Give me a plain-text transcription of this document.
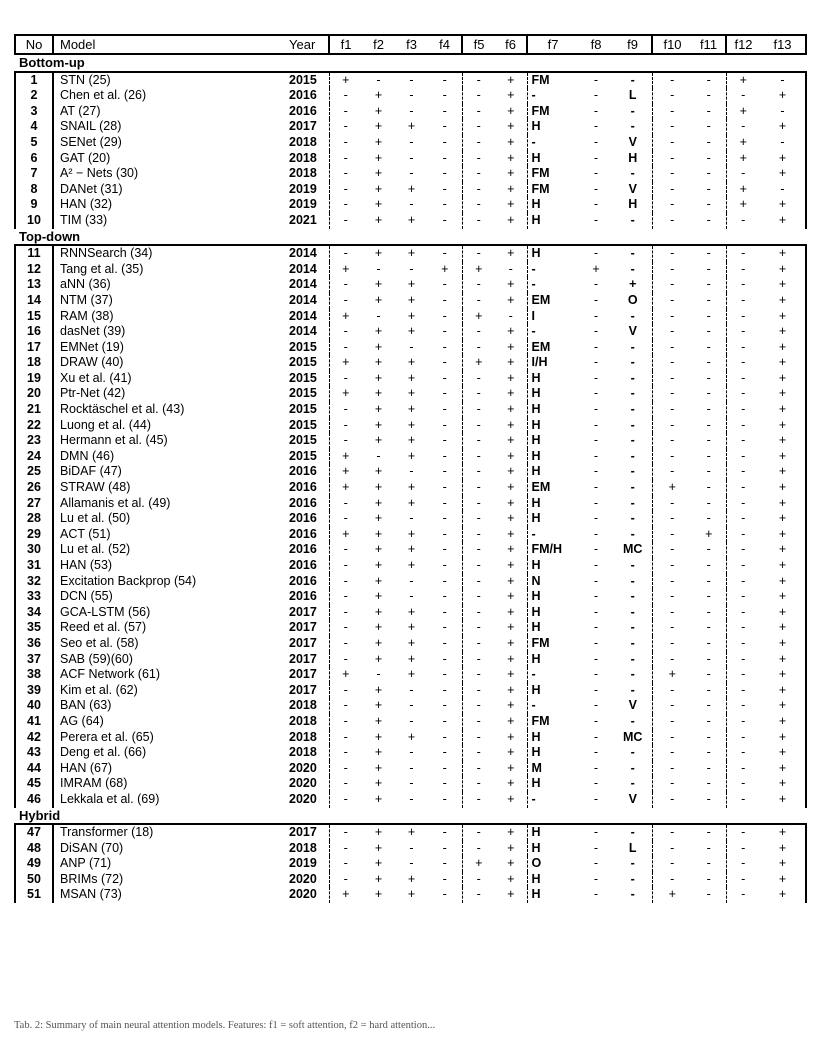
No	Model	Year	f1	f2	f3	f4	f5	f6	f7	f8	f9	f10	f11	f12	f13
Bottom-up															
1	STN (25)	2015	+	-	-	-	-	+	FM	-	-	-	-	+	-
2	Chen et al. (26)	2016	-	+	-	-	-	+	-	-	L	-	-	-	+
3	AT (27)	2016	-	+	-	-	-	+	FM	-	-	-	-	+	-
4	SNAIL (28)	2017	-	+	+	-	-	+	H	-	-	-	-	-	+
5	SENet (29)	2018	-	+	-	-	-	+	-	-	V	-	-	+	-
6	GAT (20)	2018	-	+	-	-	-	+	H	-	H	-	-	+	+
7	A² − Nets (30)	2018	-	+	-	-	-	+	FM	-	-	-	-	-	+
8	DANet (31)	2019	-	+	+	-	-	+	FM	-	V	-	-	+	-
9	HAN (32)	2019	-	+	-	-	-	+	H	-	H	-	-	+	+
10	TIM (33)	2021	-	+	+	-	-	+	H	-	-	-	-	-	+
Top-down															
11	RNNSearch (34)	2014	-	+	+	-	-	+	H	-	-	-	-	-	+
12	Tang et al. (35)	2014	+	-	-	+	+	-	-	+	-	-	-	-	+
13	aNN (36)	2014	-	+	+	-	-	+	-	-	+	-	-	-	+
14	NTM (37)	2014	-	+	+	-	-	+	EM	-	O	-	-	-	+
15	RAM (38)	2014	+	-	+	-	+	-	I	-	-	-	-	-	+
16	dasNet (39)	2014	-	+	+	-	-	+	-	-	V	-	-	-	+
17	EMNet (19)	2015	-	+	-	-	-	+	EM	-	-	-	-	-	+
18	DRAW (40)	2015	+	+	+	-	+	+	I/H	-	-	-	-	-	+
19	Xu et al. (41)	2015	-	+	+	-	-	+	H	-	-	-	-	-	+
20	Ptr-Net (42)	2015	+	+	+	-	-	+	H	-	-	-	-	-	+
21	Rocktäschel et al. (43)	2015	-	+	+	-	-	+	H	-	-	-	-	-	+
22	Luong et al. (44)	2015	-	+	+	-	-	+	H	-	-	-	-	-	+
23	Hermann et al. (45)	2015	-	+	+	-	-	+	H	-	-	-	-	-	+
24	DMN (46)	2015	+	-	+	-	-	+	H	-	-	-	-	-	+
25	BiDAF (47)	2016	+	+	-	-	-	+	H	-	-	-	-	-	+
26	STRAW (48)	2016	+	+	+	-	-	+	EM	-	-	+	-	-	+
27	Allamanis et al. (49)	2016	-	+	+	-	-	+	H	-	-	-	-	-	+
28	Lu et al. (50)	2016	-	+	-	-	-	+	H	-	-	-	-	-	+
29	ACT (51)	2016	+	+	+	-	-	+	-	-	-	-	+	-	+
30	Lu et al. (52)	2016	-	+	+	-	-	+	FM/H	-	MC	-	-	-	+
31	HAN (53)	2016	-	+	+	-	-	+	H	-	-	-	-	-	+
32	Excitation Backprop (54)	2016	-	+	-	-	-	+	N	-	-	-	-	-	+
33	DCN (55)	2016	-	+	-	-	-	+	H	-	-	-	-	-	+
34	GCA-LSTM (56)	2017	-	+	+	-	-	+	H	-	-	-	-	-	+
35	Reed et al. (57)	2017	-	+	+	-	-	+	H	-	-	-	-	-	+
36	Seo et al. (58)	2017	-	+	+	-	-	+	FM	-	-	-	-	-	+
37	SAB (59)(60)	2017	-	+	+	-	-	+	H	-	-	-	-	-	+
38	ACF Network (61)	2017	+	-	+	-	-	+	-	-	-	+	-	-	+
39	Kim et al. (62)	2017	-	+	-	-	-	+	H	-	-	-	-	-	+
40	BAN (63)	2018	-	+	-	-	-	+	-	-	V	-	-	-	+
41	AG (64)	2018	-	+	-	-	-	+	FM	-	-	-	-	-	+
42	Perera et al. (65)	2018	-	+	+	-	-	+	H	-	MC	-	-	-	+
43	Deng et al. (66)	2018	-	+	-	-	-	+	H	-	-	-	-	-	+
44	HAN (67)	2020	-	+	-	-	-	+	M	-	-	-	-	-	+
45	IMRAM (68)	2020	-	+	-	-	-	+	H	-	-	-	-	-	+
46	Lekkala et al. (69)	2020	-	+	-	-	-	+	-	-	V	-	-	-	+
Hybrid															
47	Transformer (18)	2017	-	+	+	-	-	+	H	-	-	-	-	-	+
48	DiSAN (70)	2018	-	+	-	-	-	+	H	-	L	-	-	-	+
49	ANP (71)	2019	-	+	-	-	+	+	O	-	-	-	-	-	+
50	BRIMs (72)	2020	-	+	+	-	-	+	H	-	-	-	-	-	+
51	MSAN (73)	2020	+	+	+	-	-	+	H	-	-	+	-	-	+
Tab. 2: Summary of main neural attention models. Features: f1 = soft attention, f2 = hard attention...
